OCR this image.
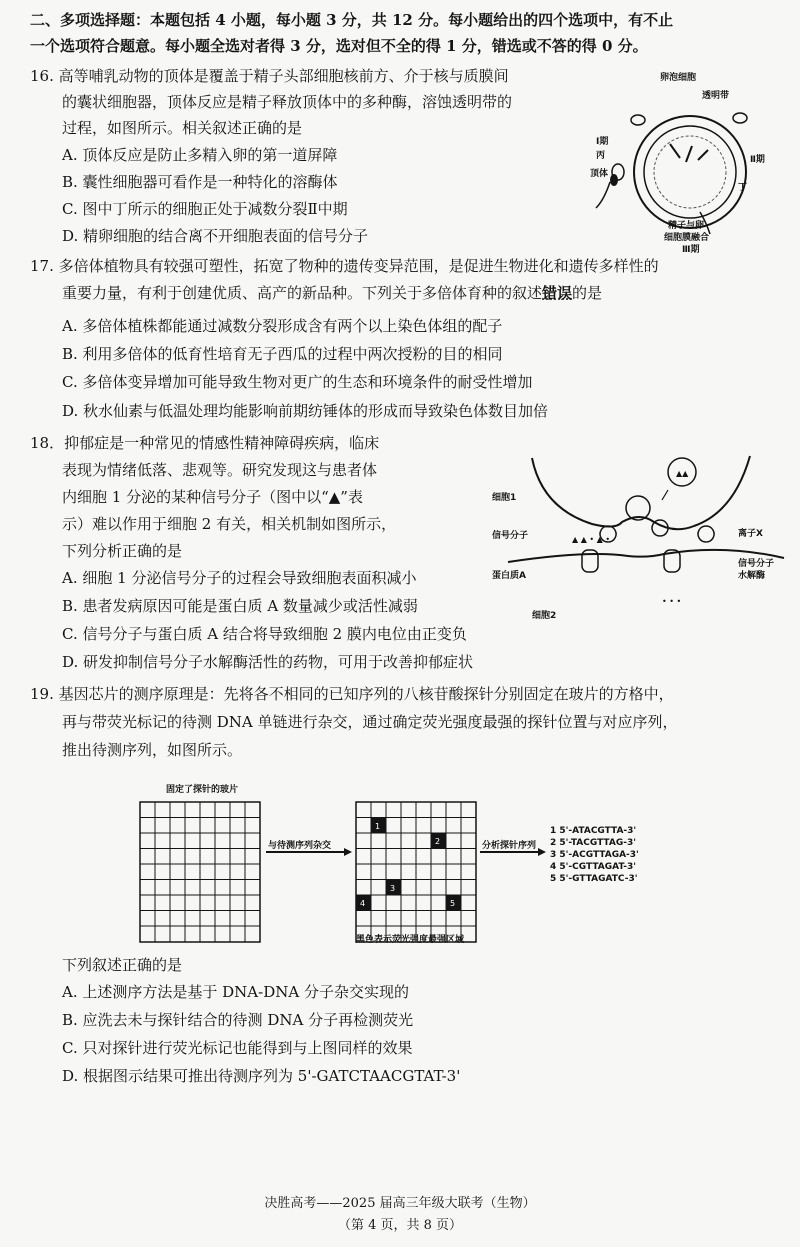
二、多项选择题：本题包括 4 小题，每小题 3 分，共 12 分。每小题给出的四个选项中，有不止
一个选项符合题意。每小题全选对者得 3 分，选对但不全的得 1 分，错选或不答的得 0 分。
16. 高等哺乳动物的顶体是覆盖于精子头部细胞核前方、介于核与质膜间
的囊状细胞器，顶体反应是精子释放顶体中的多种酶，溶蚀透明带的
过程，如图所示。相关叙述正确的是
A. 顶体反应是防止多精入卵的第一道屏障
B. 囊性细胞器可看作是一种特化的溶酶体
C. 图中丁所示的细胞正处于减数分裂Ⅱ中期
D. 精卵细胞的结合离不开细胞表面的信号分子
卵泡细胞
透明带
Ⅰ期
丙	Ⅱ期
顶体
丁
精子与卵
细胞膜融合
Ⅲ期
17. 多倍体植物具有较强可塑性，拓宽了物种的遗传变异范围，是促进生物进化和遗传多样性的
重要力量，有利于创建优质、高产的新品种。下列关于多倍体育种的叙述错误的是
A. 多倍体植株都能通过减数分裂形成含有两个以上染色体组的配子
B. 利用多倍体的低育性培育无子西瓜的过程中两次授粉的目的相同
C. 多倍体变异增加可能导致生物对更广的生态和环境条件的耐受性增加
D. 秋水仙素与低温处理均能影响前期纺锤体的形成而导致染色体数目加倍
18．抑郁症是一种常见的情感性精神障碍疾病，临床
表现为情绪低落、悲观等。研究发现这与患者体
内细胞 1 分泌的某种信号分子（图中以“▲”表
示）难以作用于细胞 2 有关，相关机制如图所示，
下列分析正确的是
A. 细胞 1 分泌信号分子的过程会导致细胞表面积减小
B. 患者发病原因可能是蛋白质 A 数量减少或活性减弱
C. 信号分子与蛋白质 A 结合将导致细胞 2 膜内电位由正变负
D. 研发抑制信号分子水解酶活性的药物，可用于改善抑郁症状
▲▲
▲ ▲ • ▲ •
• • •
细胞1
信号分子	离子X
蛋白质A
信号分子
水解酶
细胞2
19. 基因芯片的测序原理是：先将各不相同的已知序列的八核苷酸探针分别固定在玻片的方格中，
再与带荧光标记的待测 DNA 单链进行杂交，通过确定荧光强度最强的探针位置与对应序列，
推出待测序列，如图所示。
固定了探针的玻片
与待测序列杂交
1
2
3
4	5
分析探针序列
1 5'-ATACGTTA-3'
2 5'-TACGTTAG-3'
3 5'-ACGTTAGA-3'
4 5'-CGTTAGAT-3'
5 5'-GTTAGATC-3'
黑色表示荧光强度最强区域
下列叙述正确的是
A. 上述测序方法是基于 DNA-DNA 分子杂交实现的
B. 应洗去未与探针结合的待测 DNA 分子再检测荧光
C. 只对探针进行荧光标记也能得到与上图同样的效果
D. 根据图示结果可推出待测序列为 5'-GATCTAACGTAT-3'
决胜高考——2025 届高三年级大联考（生物）
（第 4 页，共 8 页）
